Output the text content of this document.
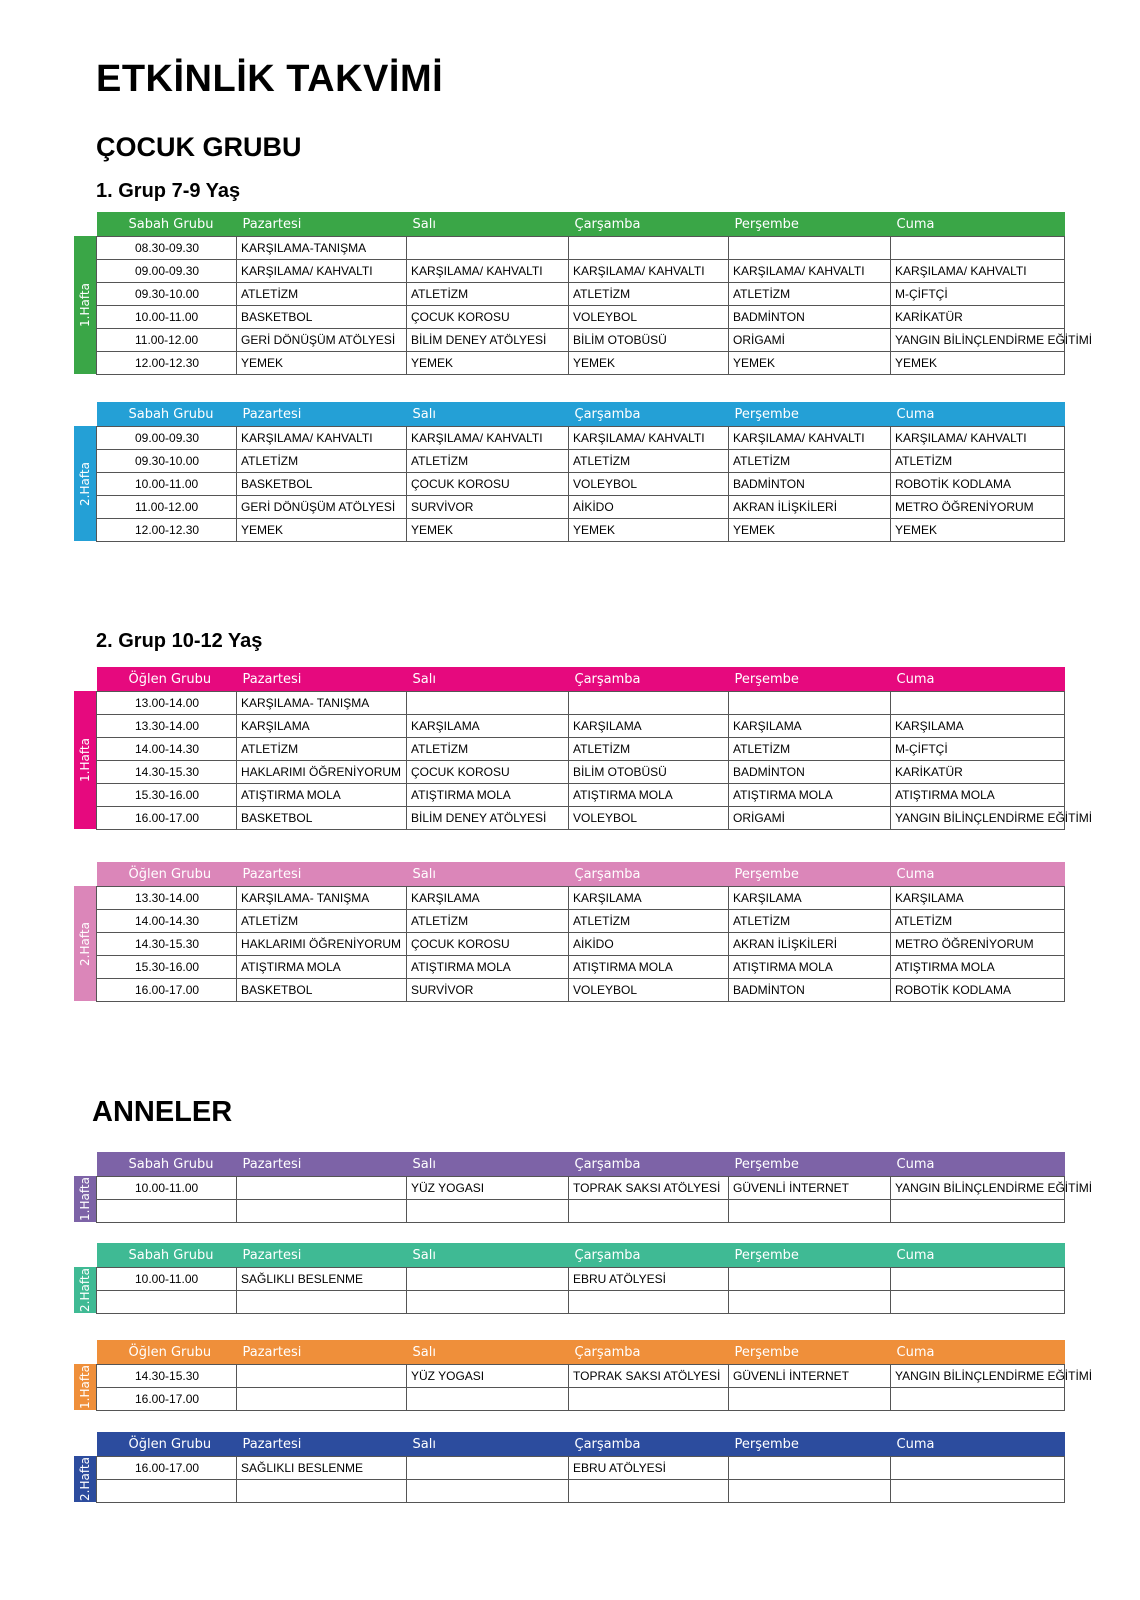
ETKİNLİK TAKVİMİ
ÇOCUK GRUBU
1. Grup 7-9 Yaş
2. Grup 10-12 Yaş
ANNELER
1.Hafta
Sabah Grubu	Pazartesi	Salı	Çarşamba	Perşembe	Cuma
08.30-09.30	KARŞILAMA-TANIŞMA				
09.00-09.30	KARŞILAMA/ KAHVALTI	KARŞILAMA/ KAHVALTI	KARŞILAMA/ KAHVALTI	KARŞILAMA/ KAHVALTI	KARŞILAMA/ KAHVALTI
09.30-10.00	ATLETİZM	ATLETİZM	ATLETİZM	ATLETİZM	M-ÇİFTÇİ
10.00-11.00	BASKETBOL	ÇOCUK KOROSU	VOLEYBOL	BADMİNTON	KARİKATÜR
11.00-12.00	GERİ DÖNÜŞÜM ATÖLYESİ	BİLİM DENEY ATÖLYESİ	BİLİM OTOBÜSÜ	ORİGAMİ	YANGIN BİLİNÇLENDİRME EĞİTİMİ
12.00-12.30	YEMEK	YEMEK	YEMEK	YEMEK	YEMEK
2.Hafta
Sabah Grubu	Pazartesi	Salı	Çarşamba	Perşembe	Cuma
09.00-09.30	KARŞILAMA/ KAHVALTI	KARŞILAMA/ KAHVALTI	KARŞILAMA/ KAHVALTI	KARŞILAMA/ KAHVALTI	KARŞILAMA/ KAHVALTI
09.30-10.00	ATLETİZM	ATLETİZM	ATLETİZM	ATLETİZM	ATLETİZM
10.00-11.00	BASKETBOL	ÇOCUK KOROSU	VOLEYBOL	BADMİNTON	ROBOTİK KODLAMA
11.00-12.00	GERİ DÖNÜŞÜM ATÖLYESİ	SURVİVOR	AİKİDO	AKRAN İLİŞKİLERİ	METRO ÖĞRENİYORUM
12.00-12.30	YEMEK	YEMEK	YEMEK	YEMEK	YEMEK
1.Hafta
Öğlen Grubu	Pazartesi	Salı	Çarşamba	Perşembe	Cuma
13.00-14.00	KARŞILAMA- TANIŞMA				
13.30-14.00	KARŞILAMA	KARŞILAMA	KARŞILAMA	KARŞILAMA	KARŞILAMA
14.00-14.30	ATLETİZM	ATLETİZM	ATLETİZM	ATLETİZM	M-ÇİFTÇİ
14.30-15.30	HAKLARIMI ÖĞRENİYORUM	ÇOCUK KOROSU	BİLİM OTOBÜSÜ	BADMİNTON	KARİKATÜR
15.30-16.00	ATIŞTIRMA MOLA	ATIŞTIRMA MOLA	ATIŞTIRMA MOLA	ATIŞTIRMA MOLA	ATIŞTIRMA MOLA
16.00-17.00	BASKETBOL	BİLİM DENEY ATÖLYESİ	VOLEYBOL	ORİGAMİ	YANGIN BİLİNÇLENDİRME EĞİTİMİ
2.Hafta
Öğlen Grubu	Pazartesi	Salı	Çarşamba	Perşembe	Cuma
13.30-14.00	KARŞILAMA- TANIŞMA	KARŞILAMA	KARŞILAMA	KARŞILAMA	KARŞILAMA
14.00-14.30	ATLETİZM	ATLETİZM	ATLETİZM	ATLETİZM	ATLETİZM
14.30-15.30	HAKLARIMI ÖĞRENİYORUM	ÇOCUK KOROSU	AİKİDO	AKRAN İLİŞKİLERİ	METRO ÖĞRENİYORUM
15.30-16.00	ATIŞTIRMA MOLA	ATIŞTIRMA MOLA	ATIŞTIRMA MOLA	ATIŞTIRMA MOLA	ATIŞTIRMA MOLA
16.00-17.00	BASKETBOL	SURVİVOR	VOLEYBOL	BADMİNTON	ROBOTİK KODLAMA
1.Hafta
Sabah Grubu	Pazartesi	Salı	Çarşamba	Perşembe	Cuma
10.00-11.00		YÜZ YOGASI	TOPRAK SAKSI ATÖLYESİ	GÜVENLİ İNTERNET	YANGIN BİLİNÇLENDİRME EĞİTİMİ

2.Hafta
Sabah Grubu	Pazartesi	Salı	Çarşamba	Perşembe	Cuma
10.00-11.00	SAĞLIKLI BESLENME		EBRU ATÖLYESİ		

1.Hafta
Öğlen Grubu	Pazartesi	Salı	Çarşamba	Perşembe	Cuma
14.30-15.30		YÜZ YOGASI	TOPRAK SAKSI ATÖLYESİ	GÜVENLİ İNTERNET	YANGIN BİLİNÇLENDİRME EĞİTİMİ
16.00-17.00					
2.Hafta
Öğlen Grubu	Pazartesi	Salı	Çarşamba	Perşembe	Cuma
16.00-17.00	SAĞLIKLI BESLENME		EBRU ATÖLYESİ		
